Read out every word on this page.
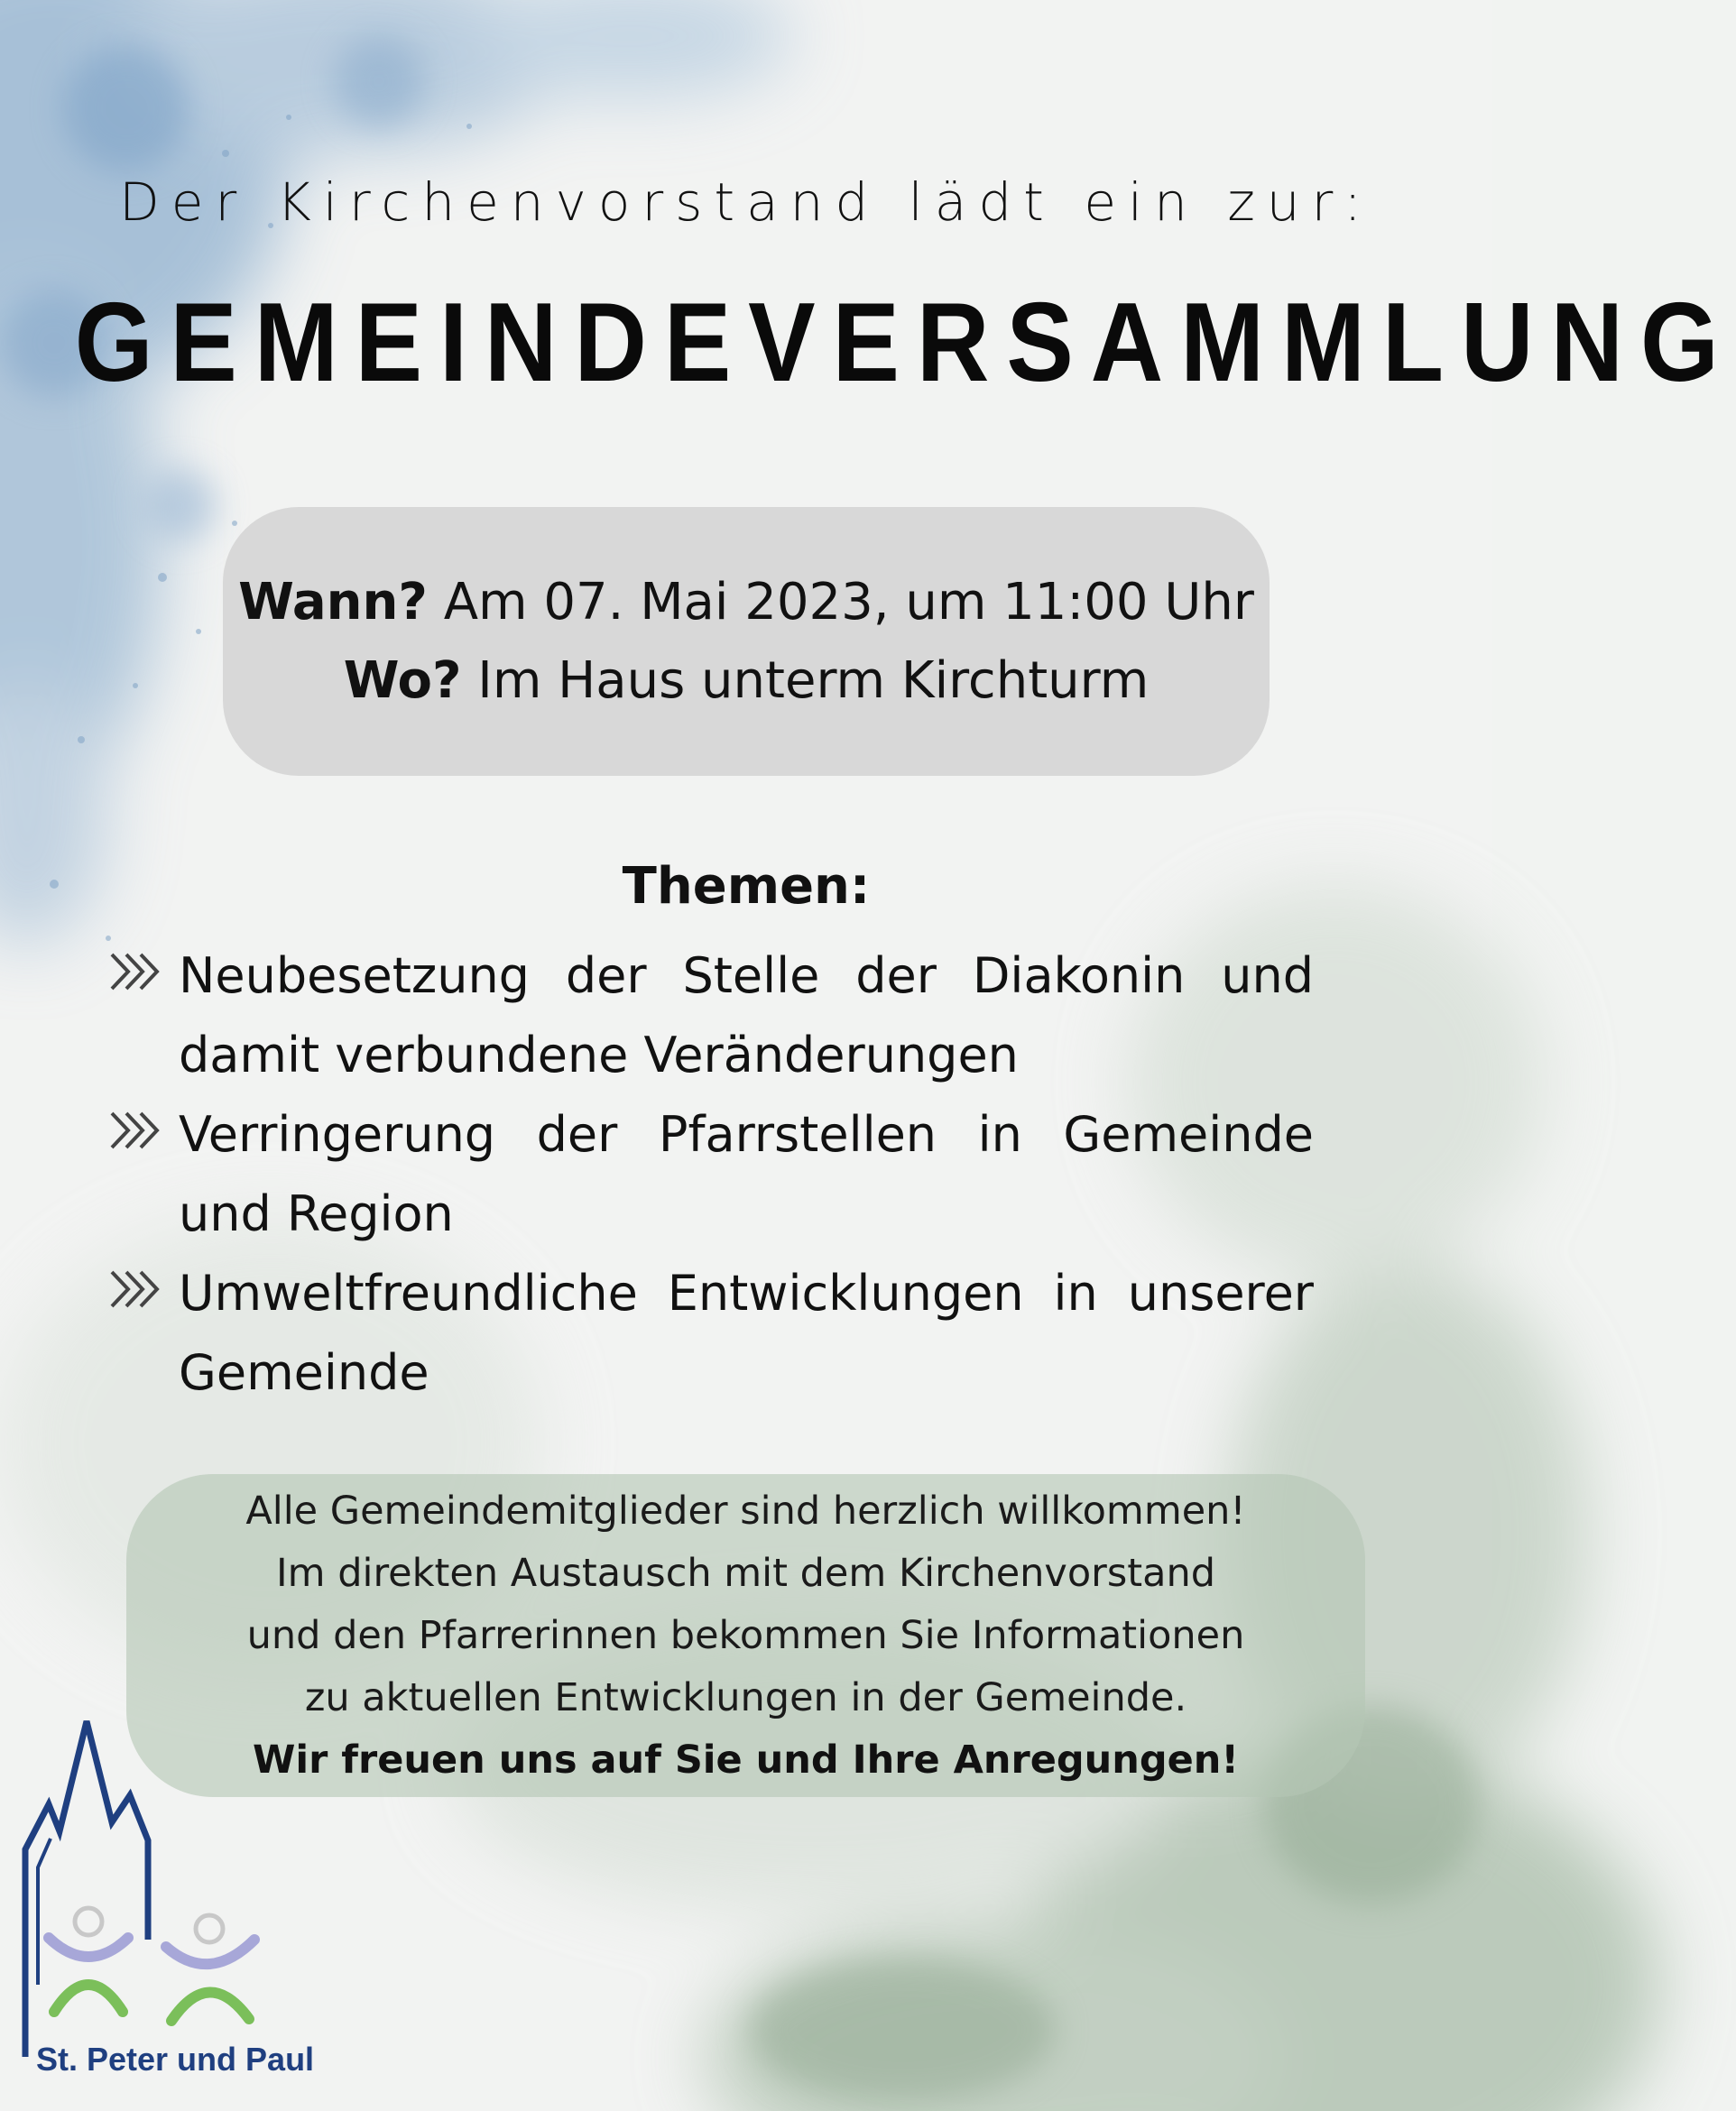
Der Kirchenvorstand lädt ein zur:
GEMEINDEVERSAMMLUNG
Wann? Am 07. Mai 2023, um 11:00 Uhr
Wo? Im Haus unterm Kirchturm
Themen:
Neubesetzung der Stelle der Diakonin und damit verbundene Veränderungen
Verringerung der Pfarrstellen in Gemeinde und Region
Umweltfreundliche Entwicklungen in unserer Gemeinde
Alle Gemeindemitglieder sind herzlich willkommen!
Im direkten Austausch mit dem Kirchenvorstand
und den Pfarrerinnen bekommen Sie Informationen
zu aktuellen Entwicklungen in der Gemeinde.
Wir freuen uns auf Sie und Ihre Anregungen!
St. Peter und Paul
